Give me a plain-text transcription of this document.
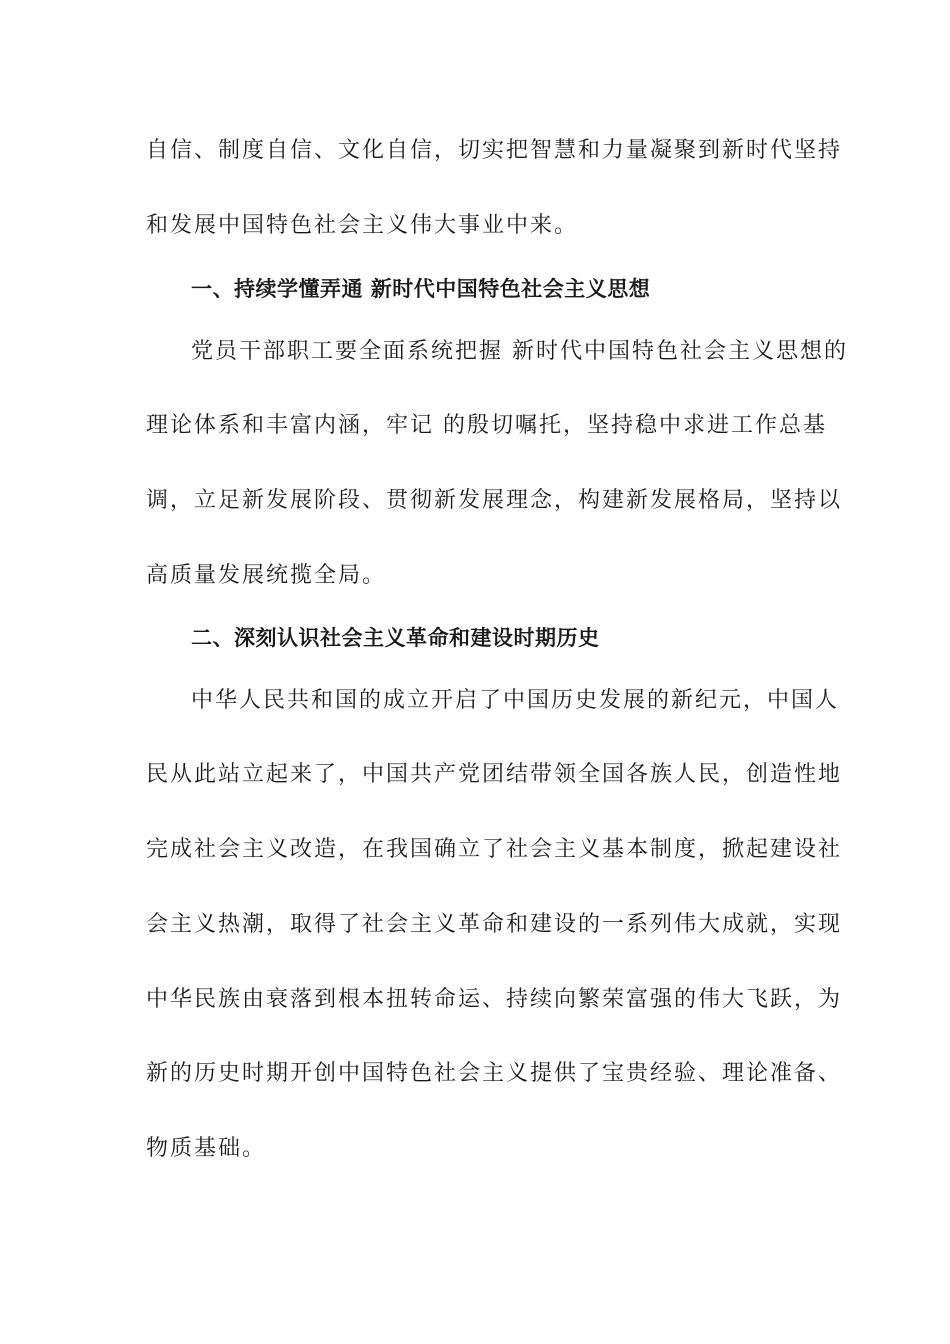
自信、制度自信、文化自信，切实把智慧和力量凝聚到新时代坚持
和发展中国特色社会主义伟大事业中来。
一、持续学懂弄通 新时代中国特色社会主义思想
党员干部职工要全面系统把握 新时代中国特色社会主义思想的
理论体系和丰富内涵，牢记 的殷切嘱托，坚持稳中求进工作总基
调，立足新发展阶段、贯彻新发展理念，构建新发展格局，坚持以
高质量发展统揽全局。
二、深刻认识社会主义革命和建设时期历史
中华人民共和国的成立开启了中国历史发展的新纪元，中国人
民从此站立起来了，中国共产党团结带领全国各族人民，创造性地
完成社会主义改造，在我国确立了社会主义基本制度，掀起建设社
会主义热潮，取得了社会主义革命和建设的一系列伟大成就，实现
中华民族由衰落到根本扭转命运、持续向繁荣富强的伟大飞跃，为
新的历史时期开创中国特色社会主义提供了宝贵经验、理论准备、
物质基础。
